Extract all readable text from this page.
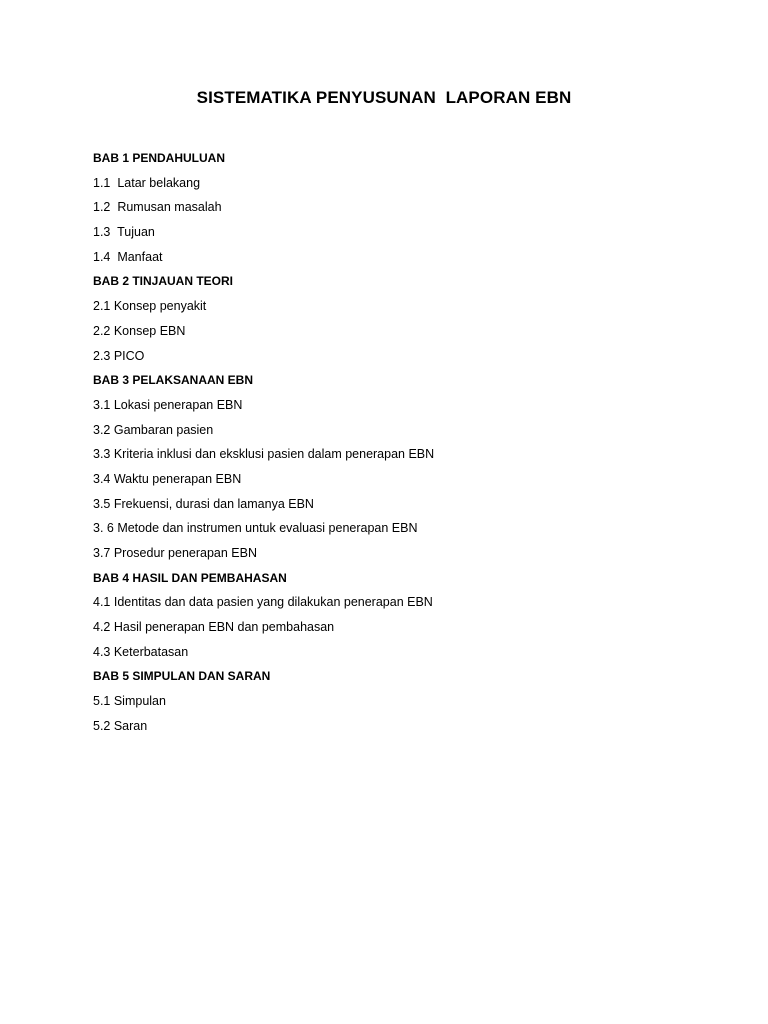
SISTEMATIKA PENYUSUNAN  LAPORAN EBN
BAB 1 PENDAHULUAN
1.1  Latar belakang
1.2  Rumusan masalah
1.3  Tujuan
1.4  Manfaat
BAB 2 TINJAUAN TEORI
2.1 Konsep penyakit
2.2 Konsep EBN
2.3 PICO
BAB 3 PELAKSANAAN EBN
3.1 Lokasi penerapan EBN
3.2 Gambaran pasien
3.3 Kriteria inklusi dan eksklusi pasien dalam penerapan EBN
3.4 Waktu penerapan EBN
3.5 Frekuensi, durasi dan lamanya EBN
3. 6 Metode dan instrumen untuk evaluasi penerapan EBN
3.7 Prosedur penerapan EBN
BAB 4 HASIL DAN PEMBAHASAN
4.1 Identitas dan data pasien yang dilakukan penerapan EBN
4.2 Hasil penerapan EBN dan pembahasan
4.3 Keterbatasan
BAB 5 SIMPULAN DAN SARAN
5.1 Simpulan
5.2 Saran
